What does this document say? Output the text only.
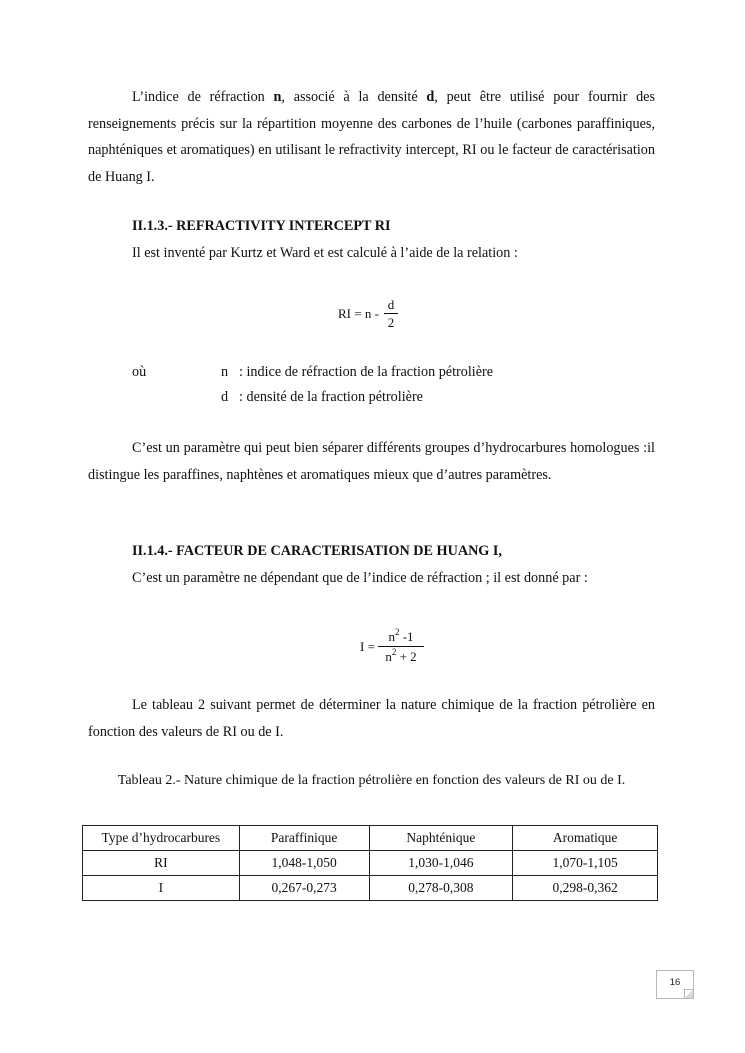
L’indice de réfraction n, associé à la densité d, peut être utilisé pour fournir des renseignements précis sur la répartition moyenne des carbones de l’huile (carbones paraffiniques, naphténiques et aromatiques) en utilisant le refractivity intercept, RI ou le facteur de caractérisation de Huang I.

II.1.3.- REFRACTIVITY INTERCEPT RI

Il est inventé par Kurtz et Ward et est calculé à l’aide de la relation :

RI = n -
d
2

où	n : indice de réfraction de la fraction pétrolière

d : densité de la fraction pétrolière

C’est un paramètre qui peut bien séparer différents groupes d’hydrocarbures homologues :il distingue les paraffines, naphtènes et aromatiques mieux que d’autres paramètres.

II.1.4.- FACTEUR DE CARACTERISATION DE HUANG I,

C’est un paramètre ne dépendant que de l’indice de réfraction ; il est donné par :

I =
$n^2$ -1
$n^2 + 2$

Le tableau 2 suivant permet de déterminer la nature chimique de la fraction pétrolière en fonction des valeurs de RI ou de I.

Tableau 2.- Nature chimique de la fraction pétrolière en fonction des valeurs de RI ou de I.

Type d’hydrocarbures	Paraffinique	Naphténique	Aromatique
RI	1,048-1,050	1,030-1,046	1,070-1,105
I	0,267-0,273	0,278-0,308	0,298-0,362
16
